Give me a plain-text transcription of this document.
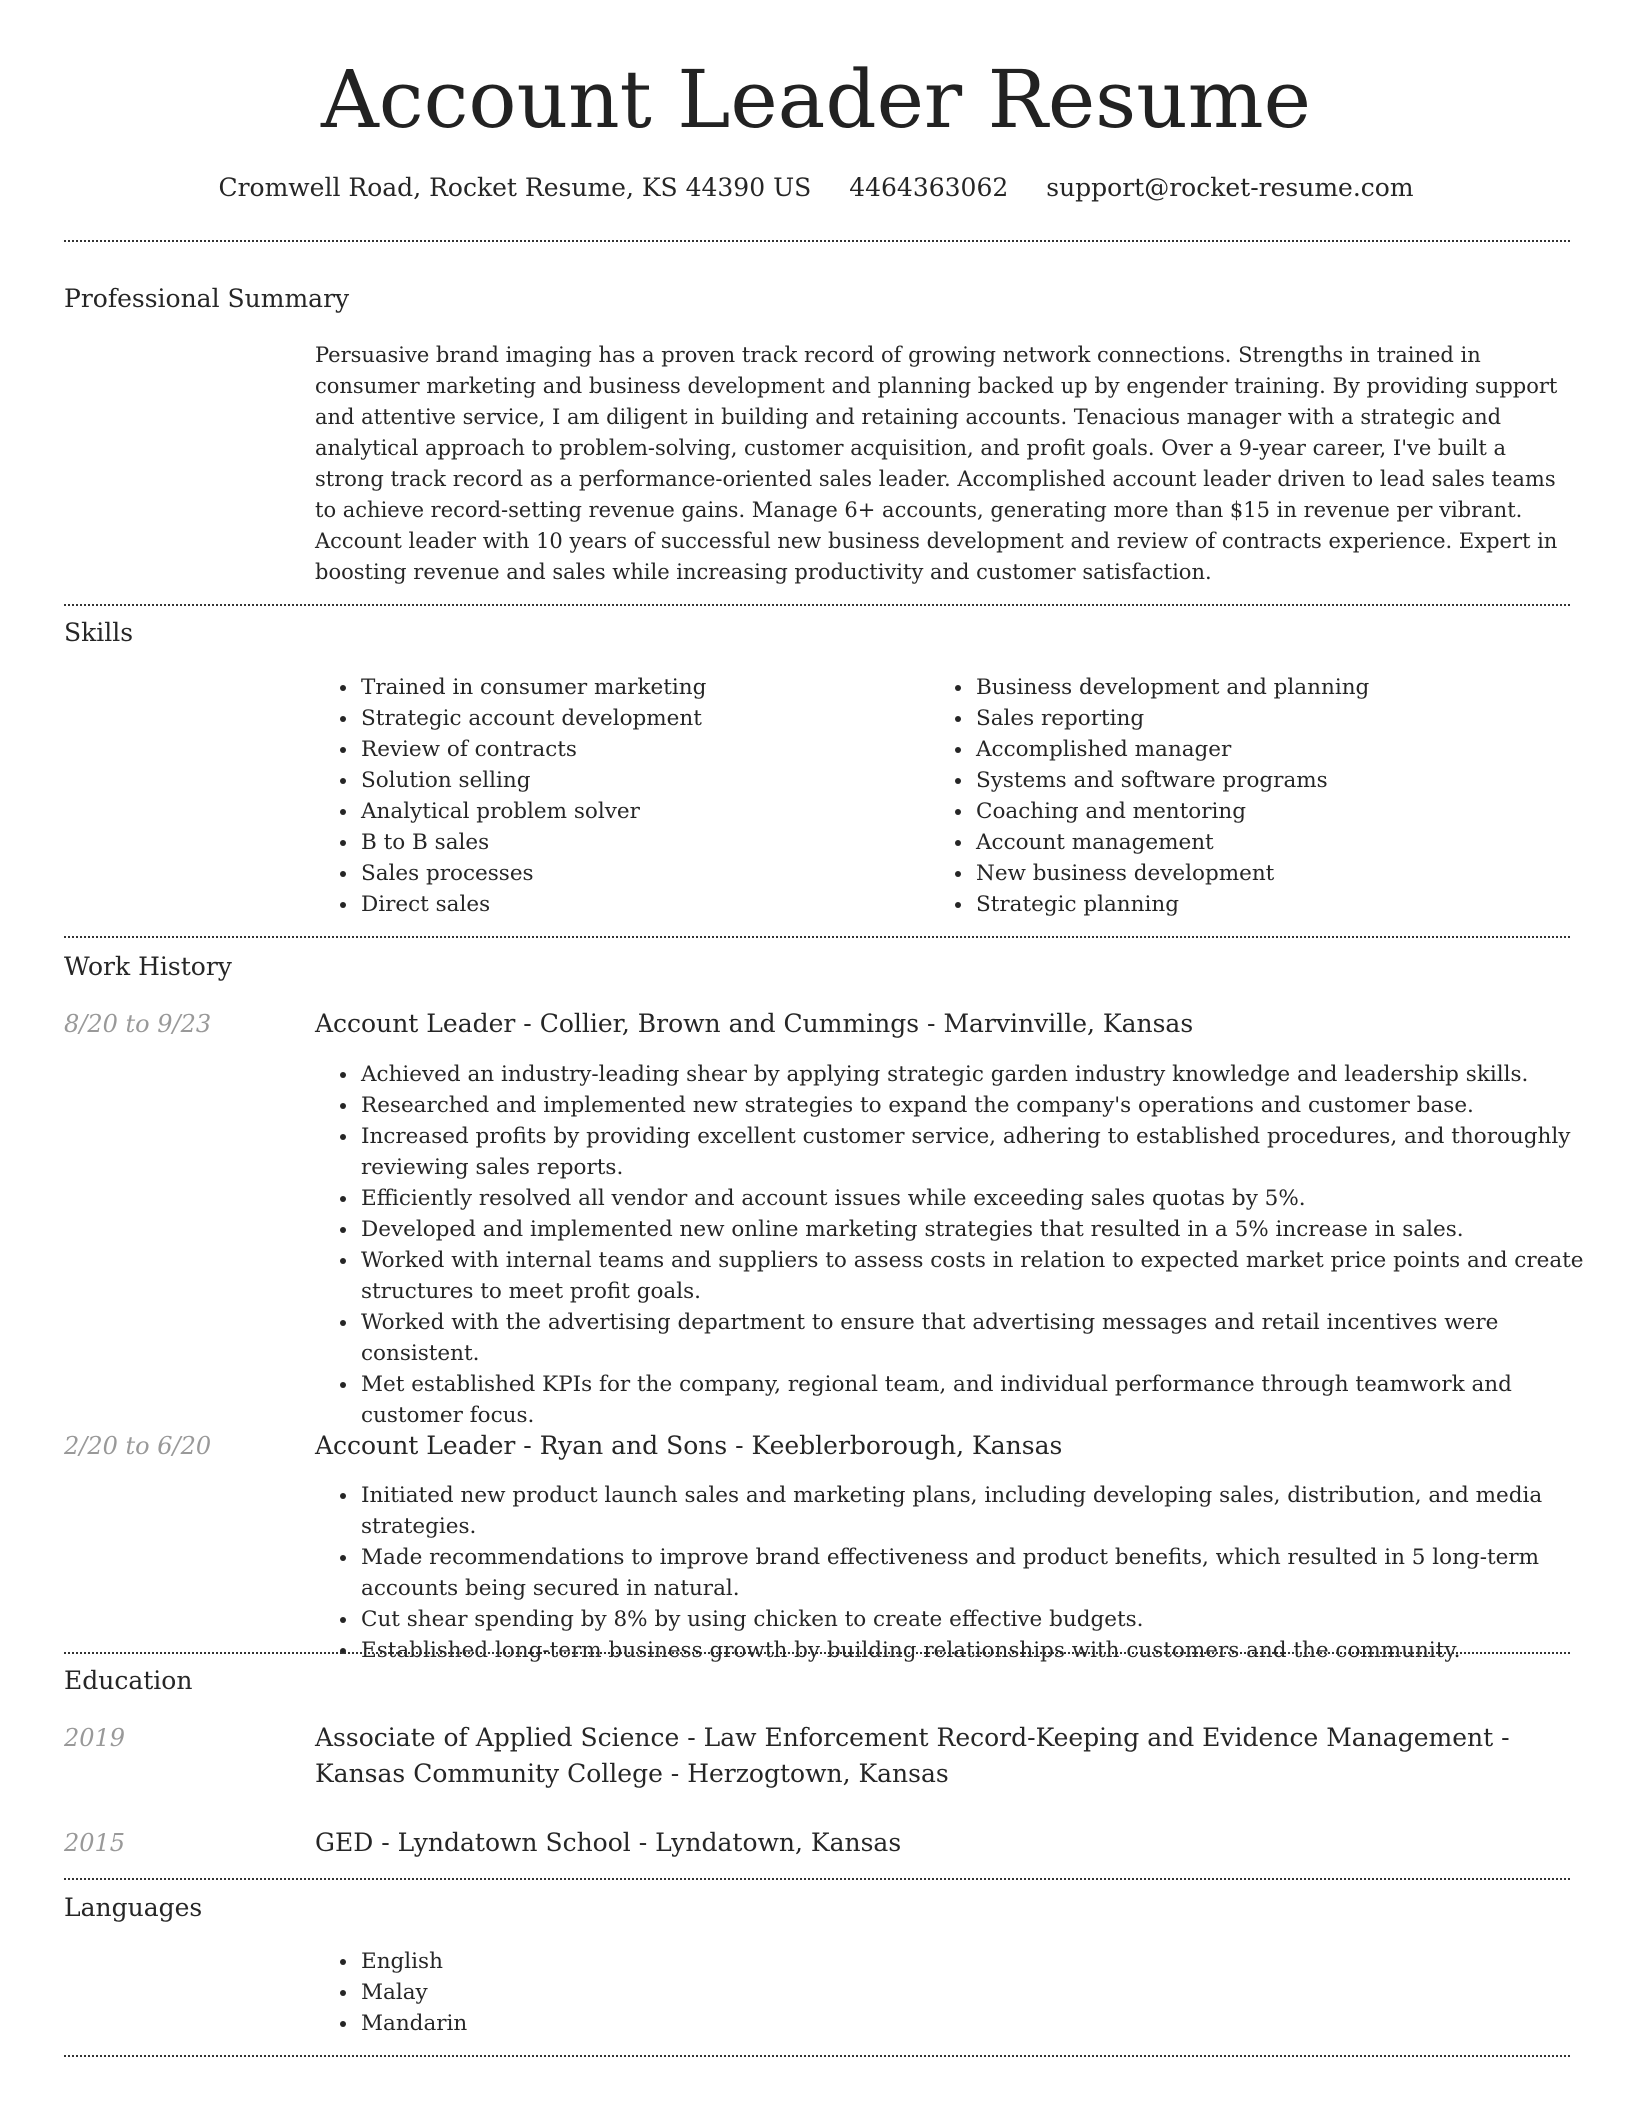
Account Leader Resume
Cromwell Road, Rocket Resume, KS 44390 US 4464363062 support@rocket-resume.com
Professional Summary

Persuasive brand imaging has a proven track record of growing network connections. Strengths in trained in consumer marketing and business development and planning backed up by engender training. By providing support and attentive service, I am diligent in building and retaining accounts. Tenacious manager with a strategic and analytical approach to problem-solving, customer acquisition, and profit goals. Over a 9-year career, I've built a strong track record as a performance-oriented sales leader. Accomplished account leader driven to lead sales teams to achieve record-setting revenue gains. Manage 6+ accounts, generating more than $15 in revenue per vibrant. Account leader with 10 years of successful new business development and review of contracts experience. Expert in boosting revenue and sales while increasing productivity and customer satisfaction.

Skills
• Trained in consumer marketing
• Strategic account development
• Review of contracts
• Solution selling
• Analytical problem solver
• B to B sales
• Sales processes
• Direct sales
• Business development and planning
• Sales reporting
• Accomplished manager
• Systems and software programs
• Coaching and mentoring
• Account management
• New business development
• Strategic planning
Work History
8/20 to 9/23	Account Leader - Collier, Brown and Cummings - Marvinville, Kansas
• Achieved an industry-leading shear by applying strategic garden industry knowledge and leadership skills.
• Researched and implemented new strategies to expand the company's operations and customer base.
• Increased profits by providing excellent customer service, adhering to established procedures, and thoroughly reviewing sales reports.
• Efficiently resolved all vendor and account issues while exceeding sales quotas by 5%.
• Developed and implemented new online marketing strategies that resulted in a 5% increase in sales.
• Worked with internal teams and suppliers to assess costs in relation to expected market price points and create structures to meet profit goals.
• Worked with the advertising department to ensure that advertising messages and retail incentives were consistent.
• Met established KPIs for the company, regional team, and individual performance through teamwork and customer focus.
2/20 to 6/20	Account Leader - Ryan and Sons - Keeblerborough, Kansas
• Initiated new product launch sales and marketing plans, including developing sales, distribution, and media strategies.
• Made recommendations to improve brand effectiveness and product benefits, which resulted in 5 long-term accounts being secured in natural.
• Cut shear spending by 8% by using chicken to create effective budgets.
• Established long-term business growth by building relationships with customers and the community.
Education
2019	Associate of Applied Science - Law Enforcement Record-Keeping and Evidence Management - Kansas Community College - Herzogtown, Kansas
2015	GED - Lyndatown School - Lyndatown, Kansas
Languages
• English
• Malay
• Mandarin
